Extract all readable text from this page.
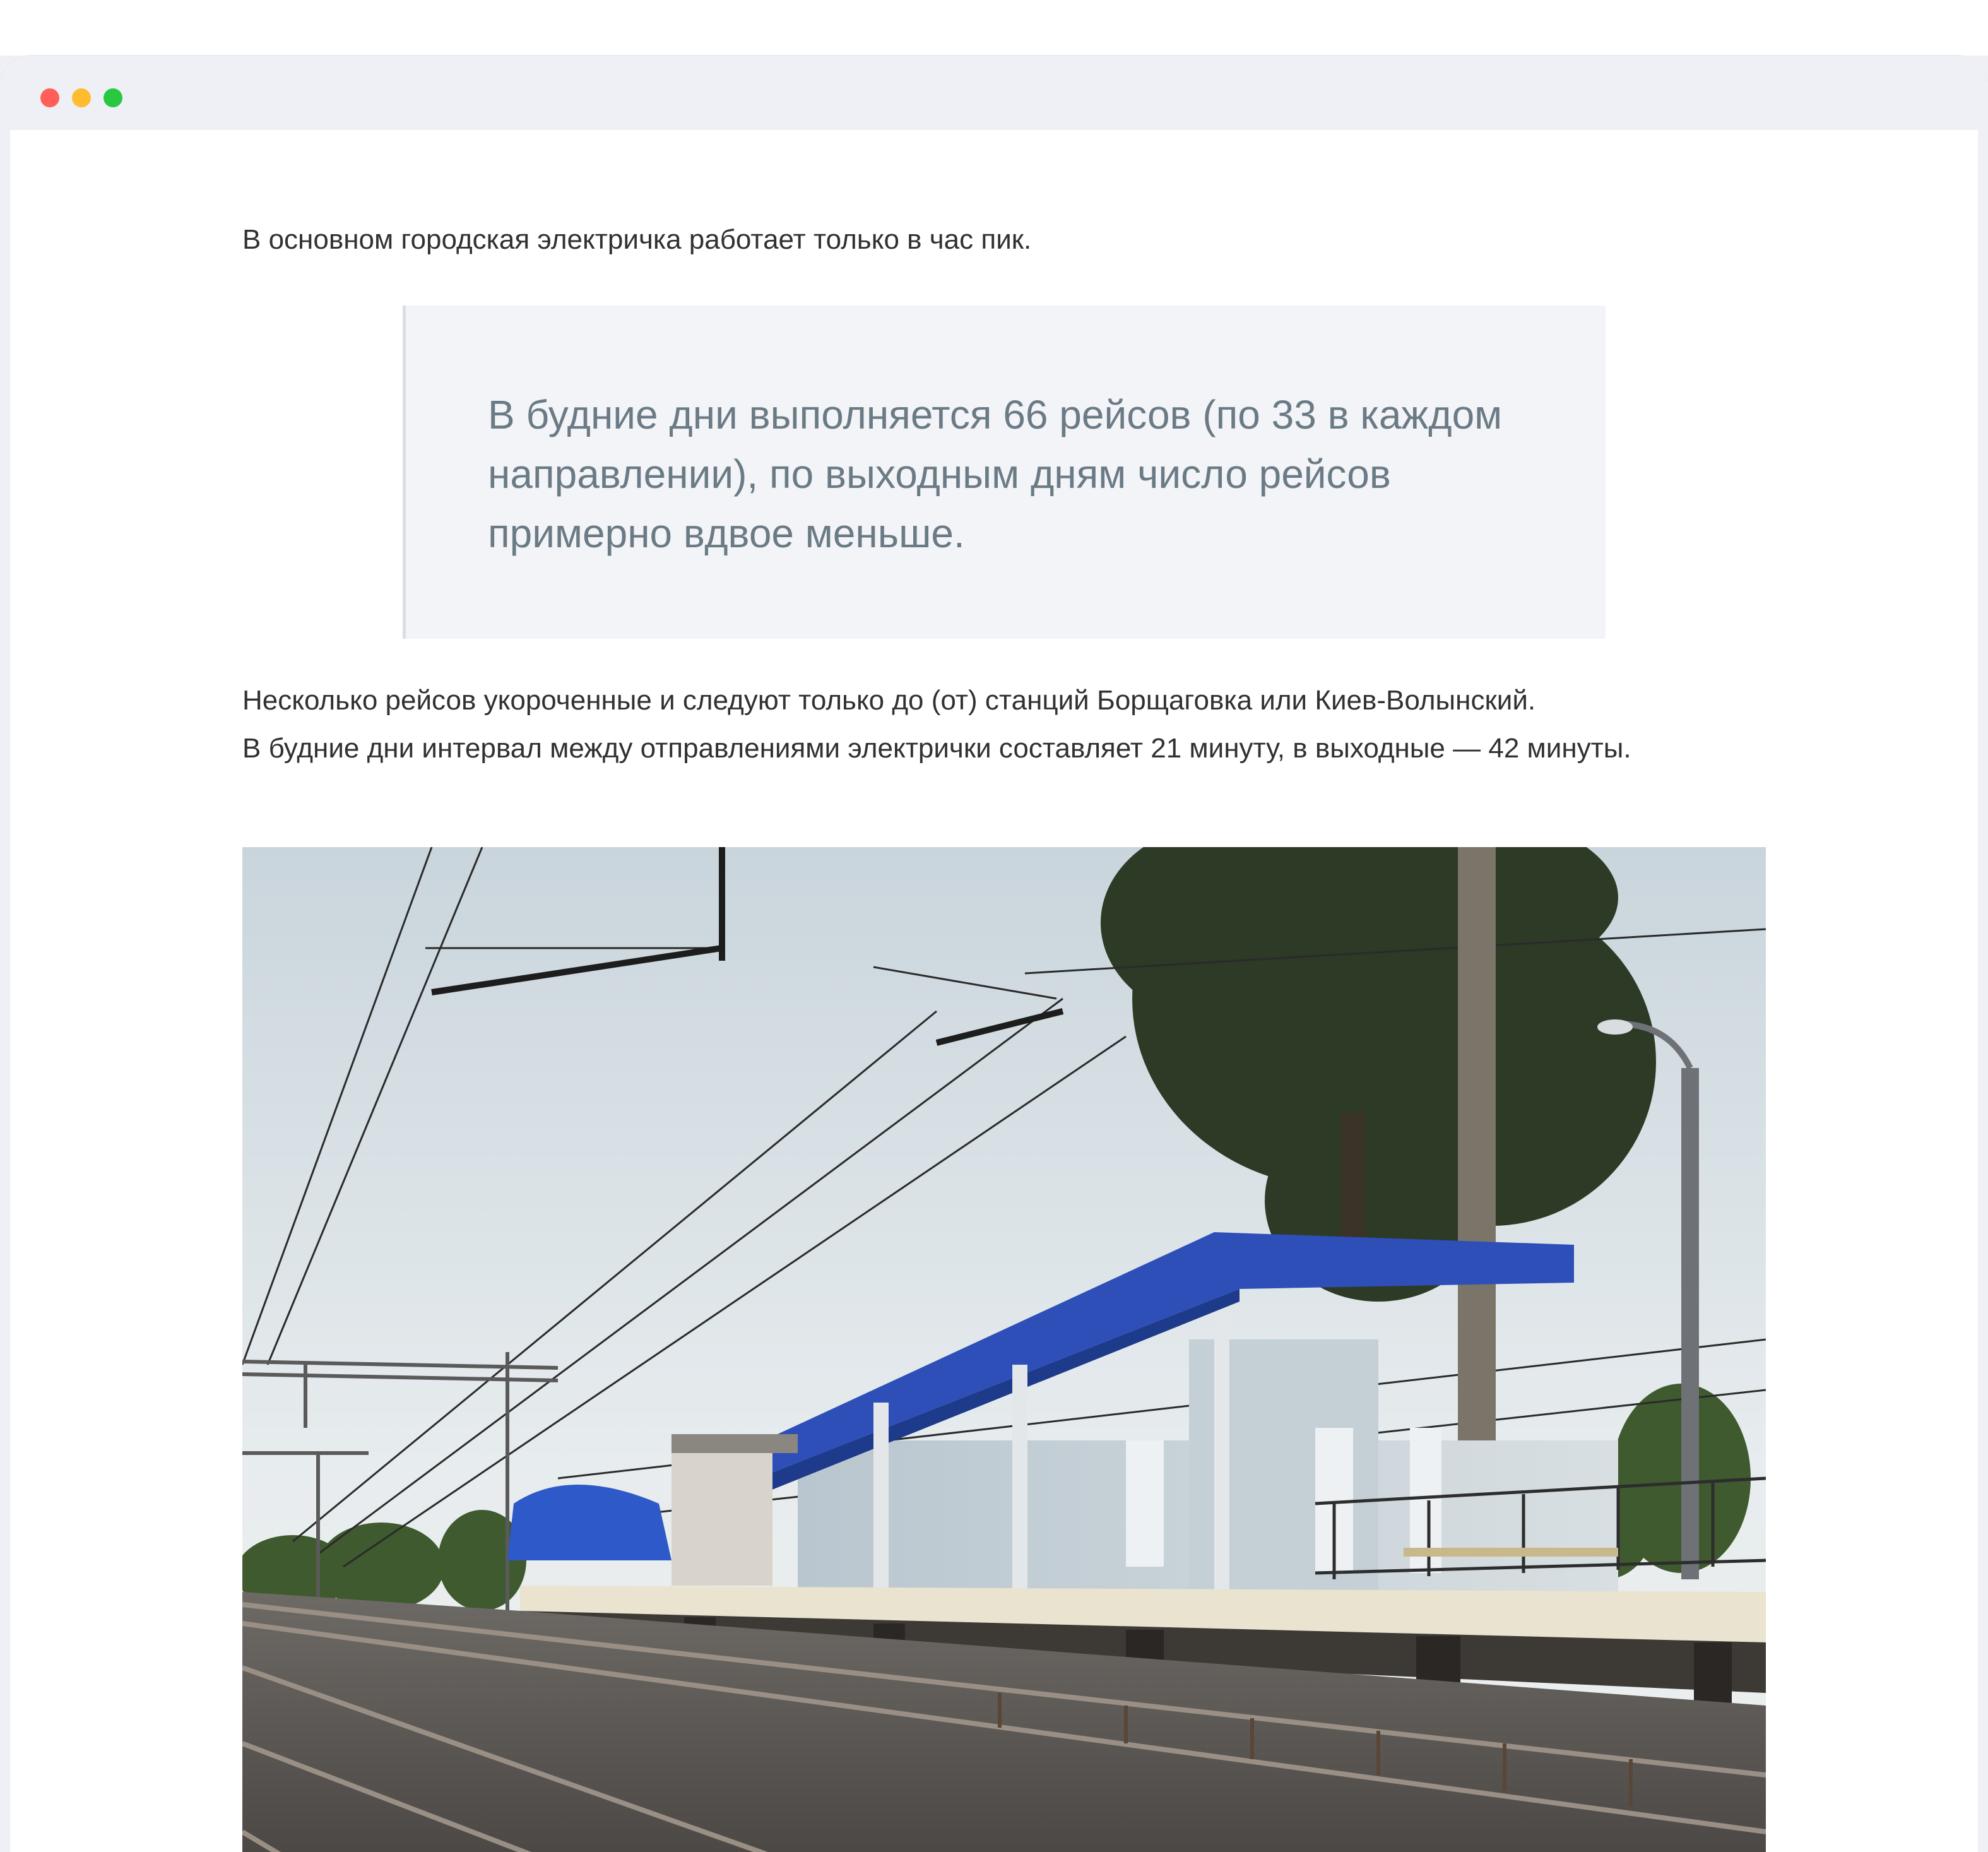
В основном городская электричка работает только в час пик.

В будние дни выполняется 66 рейсов (по 33 в каждом направлении), по выходным дням число рейсов примерно вдвое меньше.

Несколько рейсов укороченные и следуют только до (от) станций Борщаговка или Киев-Волынский.
В будние дни интервал между отправлениями электрички составляет 21 минуту, в выходные — 42 минуты.
